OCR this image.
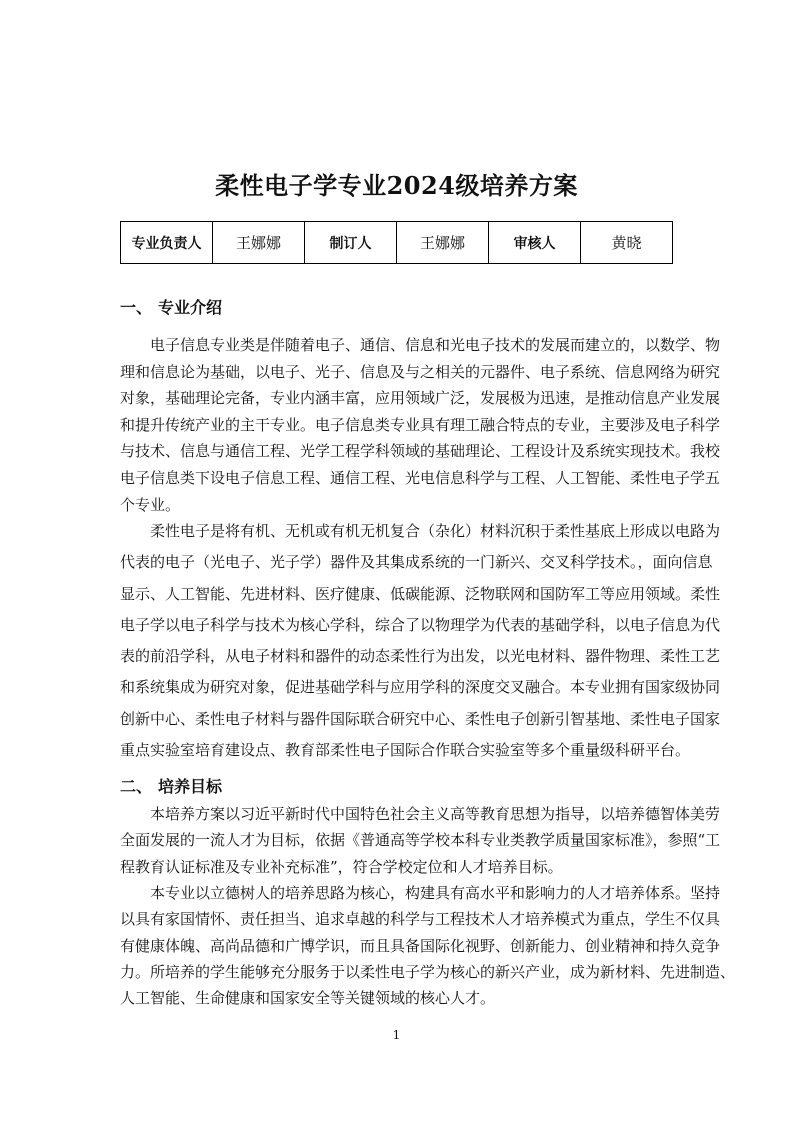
柔性电子学专业2024级培养方案
专业负责人	王娜娜	制订人	王娜娜	审核人	黄晓
一、 专业介绍
电子信息专业类是伴随着电子、通信、信息和光电子技术的发展而建立的，以数学、物
理和信息论为基础，以电子、光子、信息及与之相关的元器件、电子系统、信息网络为研究
对象，基础理论完备，专业内涵丰富，应用领域广泛，发展极为迅速，是推动信息产业发展
和提升传统产业的主干专业。电子信息类专业具有理工融合特点的专业，主要涉及电子科学
与技术、信息与通信工程、光学工程学科领域的基础理论、工程设计及系统实现技术。我校
电子信息类下设电子信息工程、通信工程、光电信息科学与工程、人工智能、柔性电子学五
个专业。
柔性电子是将有机、无机或有机无机复合（杂化）材料沉积于柔性基底上形成以电路为
代表的电子（光电子、光子学）器件及其集成系统的一门新兴、交叉科学技术。，面向信息
显示、人工智能、先进材料、医疗健康、低碳能源、泛物联网和国防军工等应用领域。柔性
电子学以电子科学与技术为核心学科，综合了以物理学为代表的基础学科，以电子信息为代
表的前沿学科，从电子材料和器件的动态柔性行为出发，以光电材料、器件物理、柔性工艺
和系统集成为研究对象，促进基础学科与应用学科的深度交叉融合。本专业拥有国家级协同
创新中心、柔性电子材料与器件国际联合研究中心、柔性电子创新引智基地、柔性电子国家
重点实验室培育建设点、教育部柔性电子国际合作联合实验室等多个重量级科研平台。
二、 培养目标
本培养方案以习近平新时代中国特色社会主义高等教育思想为指导，以培养德智体美劳
全面发展的一流人才为目标，依据《普通高等学校本科专业类教学质量国家标准》，参照“工
程教育认证标准及专业补充标准”，符合学校定位和人才培养目标。
本专业以立德树人的培养思路为核心，构建具有高水平和影响力的人才培养体系。坚持
以具有家国情怀、责任担当、追求卓越的科学与工程技术人才培养模式为重点，学生不仅具
有健康体魄、高尚品德和广博学识，而且具备国际化视野、创新能力、创业精神和持久竞争
力。所培养的学生能够充分服务于以柔性电子学为核心的新兴产业，成为新材料、先进制造、
人工智能、生命健康和国家安全等关键领域的核心人才。
1
